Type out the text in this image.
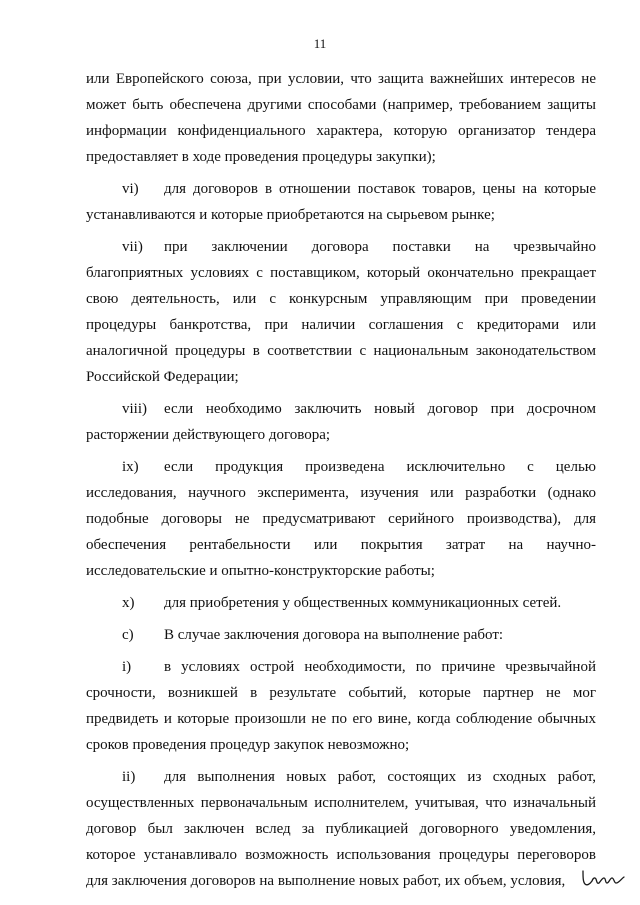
11

или Европейского союза, при условии, что защита важнейших интересов не может быть обеспечена другими способами (например, требованием защиты информации конфиденциального характера, которую организатор тендера предоставляет в ходе проведения процедуры закупки);

vi) для договоров в отношении поставок товаров, цены на которые устанавливаются и которые приобретаются на сырьевом рынке;

vii) при заключении договора поставки на чрезвычайно благоприятных условиях с поставщиком, который окончательно прекращает свою деятельность, или с конкурсным управляющим при проведении процедуры банкротства, при наличии соглашения с кредиторами или аналогичной процедуры в соответствии с национальным законодательством Российской Федерации;

viii) если необходимо заключить новый договор при досрочном расторжении действующего договора;

ix) если продукция произведена исключительно с целью исследования, научного эксперимента, изучения или разработки (однако подобные договоры не предусматривают серийного производства), для обеспечения рентабельности или покрытия затрат на научно-исследовательские и опытно-конструкторские работы;

x) для приобретения у общественных коммуникационных сетей.

c) В случае заключения договора на выполнение работ:

i) в условиях острой необходимости, по причине чрезвычайной срочности, возникшей в результате событий, которые партнер не мог предвидеть и которые произошли не по его вине, когда соблюдение обычных сроков проведения процедур закупок невозможно;

ii) для выполнения новых работ, состоящих из сходных работ, осуществленных первоначальным исполнителем, учитывая, что изначальный договор был заключен вслед за публикацией договорного уведомления, которое устанавливало возможность использования процедуры переговоров для заключения договоров на выполнение новых работ, их объем, условия,
